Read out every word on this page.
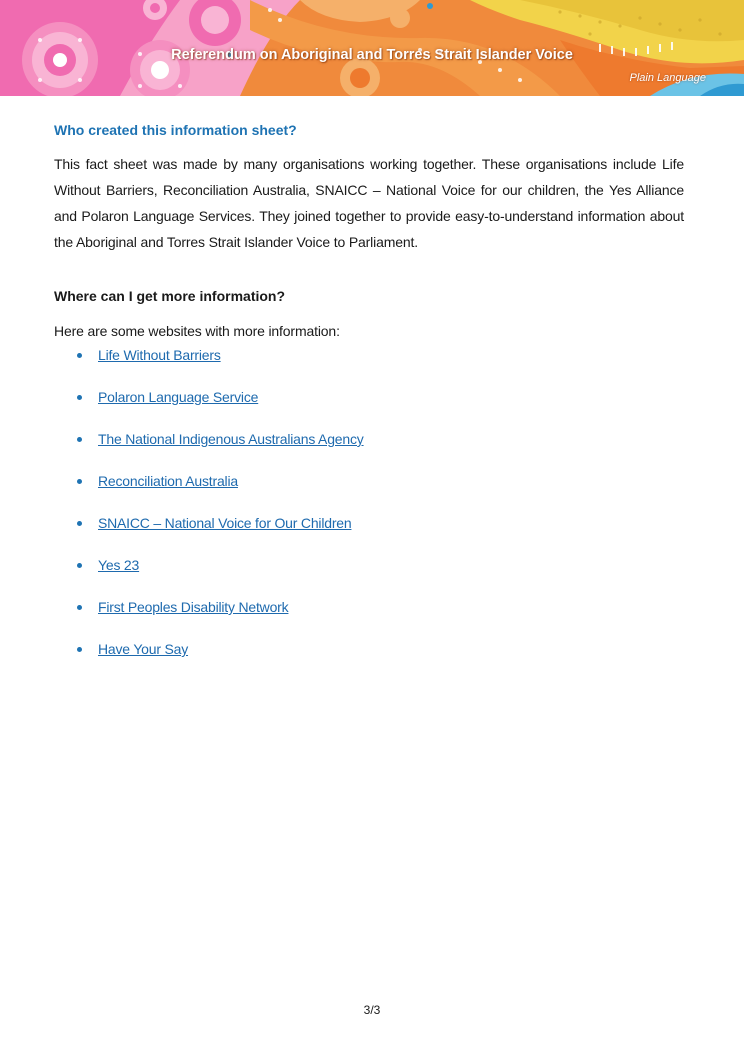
Referendum on Aboriginal and Torres Strait Islander Voice
Plain Language
Who created this information sheet?

This fact sheet was made by many organisations working together. These organisations include Life Without Barriers, Reconciliation Australia, SNAICC – National Voice for our children, the Yes Alliance and Polaron Language Services. They joined together to provide easy-to-understand information about the Aboriginal and Torres Strait Islander Voice to Parliament.

Where can I get more information?

Here are some websites with more information:

Life Without Barriers
Polaron Language Service
The National Indigenous Australians Agency
Reconciliation Australia
SNAICC – National Voice for Our Children
Yes 23
First Peoples Disability Network
Have Your Say
3/3
